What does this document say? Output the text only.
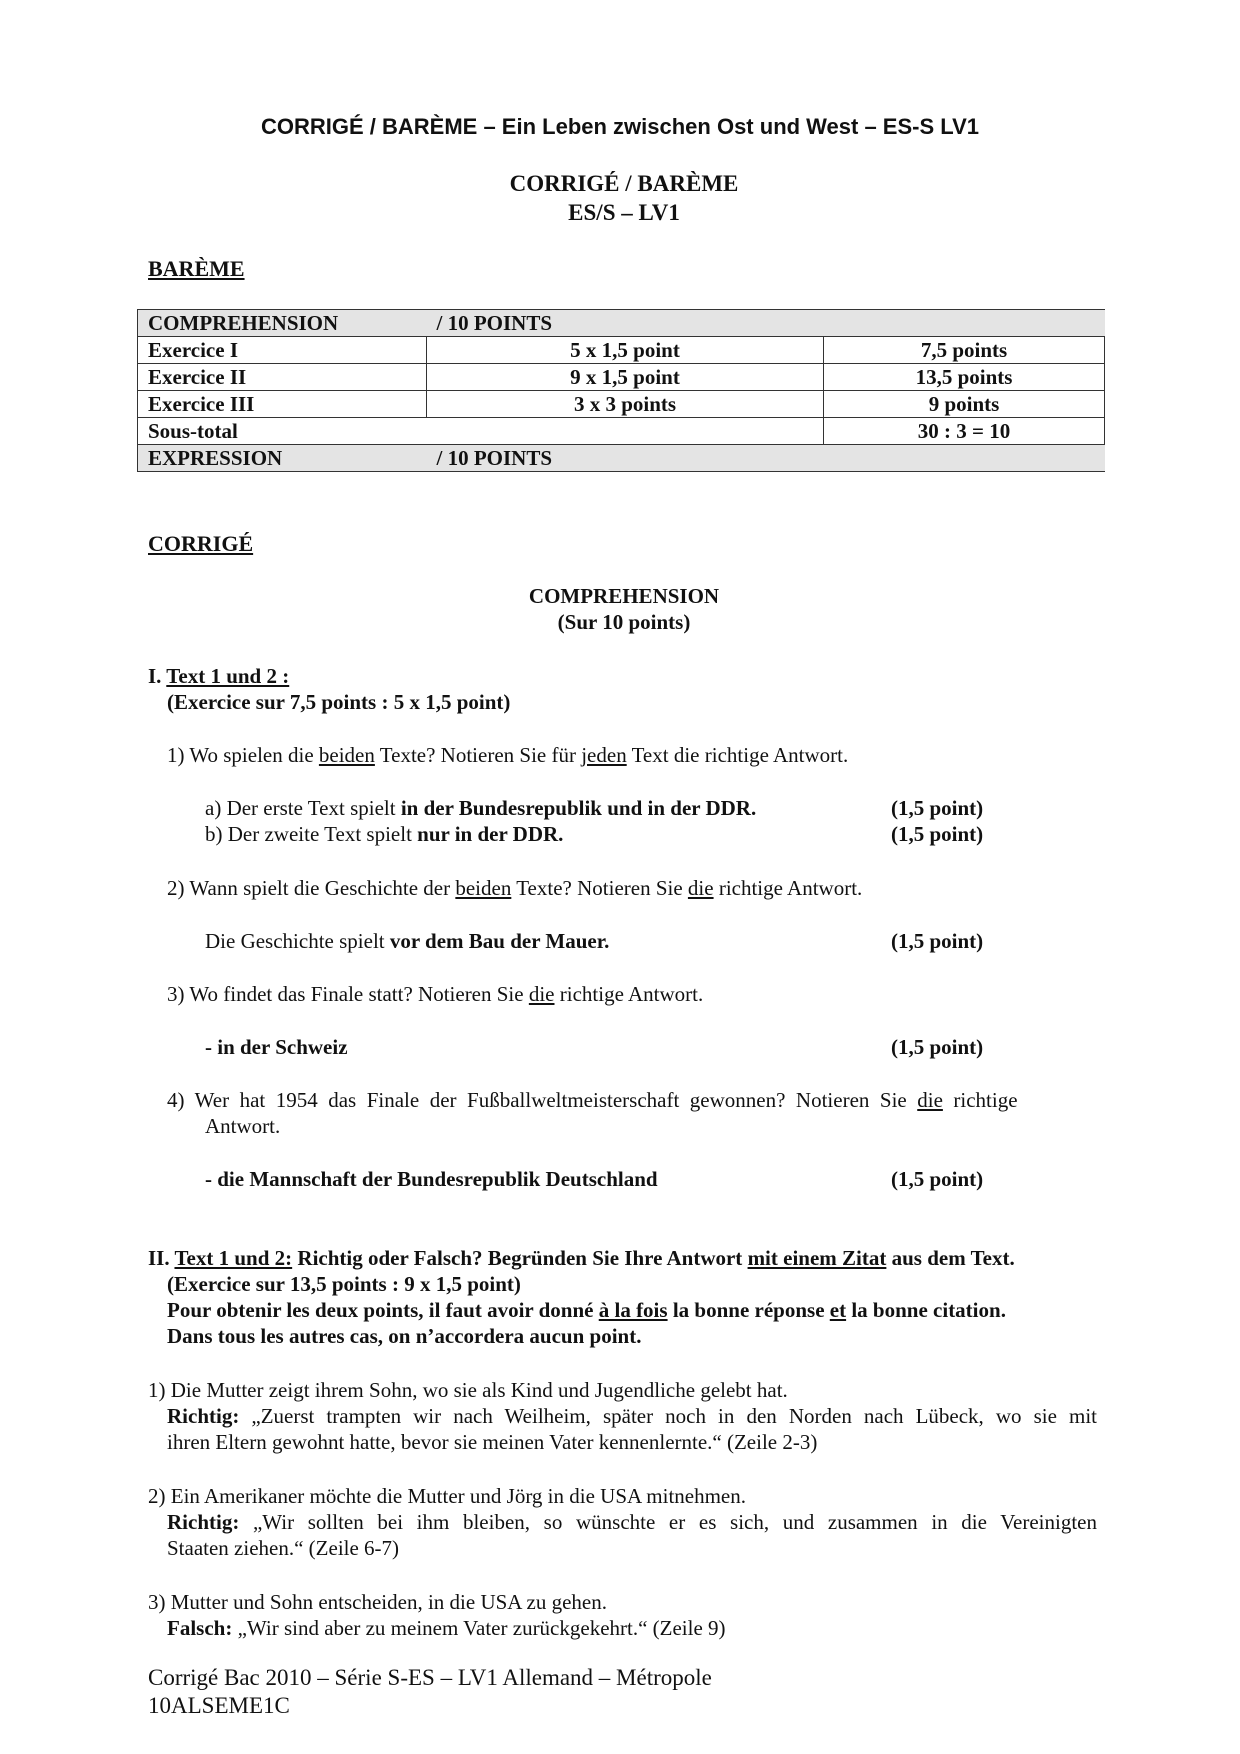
CORRIGÉ / BARÈME – Ein Leben zwischen Ost und West – ES-S LV1
CORRIGÉ / BARÈME
ES/S – LV1
BARÈME
COMPREHENSION	/ 10 POINTS	
Exercice I	5 x 1,5 point	7,5 points
Exercice II	9 x 1,5 point	13,5 points
Exercice III	3 x 3 points	9 points
Sous-total		30 : 3 = 10
EXPRESSION	/ 10 POINTS	
CORRIGÉ
COMPREHENSION
(Sur 10 points)
I. Text 1 und 2 :
(Exercice sur 7,5 points : 5 x 1,5 point)
1) Wo spielen die beiden Texte? Notieren Sie für jeden Text die richtige Antwort.
a) Der erste Text spielt in der Bundesrepublik und in der DDR.	(1,5 point)
b) Der zweite Text spielt nur in der DDR.	(1,5 point)
2) Wann spielt die Geschichte der beiden Texte? Notieren Sie die richtige Antwort.
Die Geschichte spielt vor dem Bau der Mauer.	(1,5 point)
3) Wo findet das Finale statt? Notieren Sie die richtige Antwort.
- in der Schweiz	(1,5 point)
4)  Wer  hat  1954  das  Finale  der  Fußballweltmeisterschaft  gewonnen?  Notieren  Sie  die  richtige
Antwort.
- die Mannschaft der Bundesrepublik Deutschland	(1,5 point)
II. Text 1 und 2: Richtig oder Falsch? Begründen Sie Ihre Antwort mit einem Zitat aus dem Text.
(Exercice sur 13,5 points : 9 x 1,5 point)
Pour obtenir les deux points, il faut avoir donné à la fois la bonne réponse et la bonne citation.
Dans tous les autres cas, on n’accordera aucun point.
1) Die Mutter zeigt ihrem Sohn, wo sie als Kind und Jugendliche gelebt hat.
Richtig: „Zuerst trampten wir nach Weilheim, später noch in den Norden nach Lübeck, wo sie mit
ihren Eltern gewohnt hatte, bevor sie meinen Vater kennenlernte.“ (Zeile 2-3)
2) Ein Amerikaner möchte die Mutter und Jörg in die USA mitnehmen.
Richtig: „Wir sollten bei ihm bleiben, so wünschte er es sich, und zusammen in die Vereinigten
Staaten ziehen.“ (Zeile 6-7)
3) Mutter und Sohn entscheiden, in die USA zu gehen.
Falsch: „Wir sind aber zu meinem Vater zurückgekehrt.“ (Zeile 9)
Corrigé Bac 2010 – Série S-ES – LV1 Allemand – Métropole
10ALSEME1C
